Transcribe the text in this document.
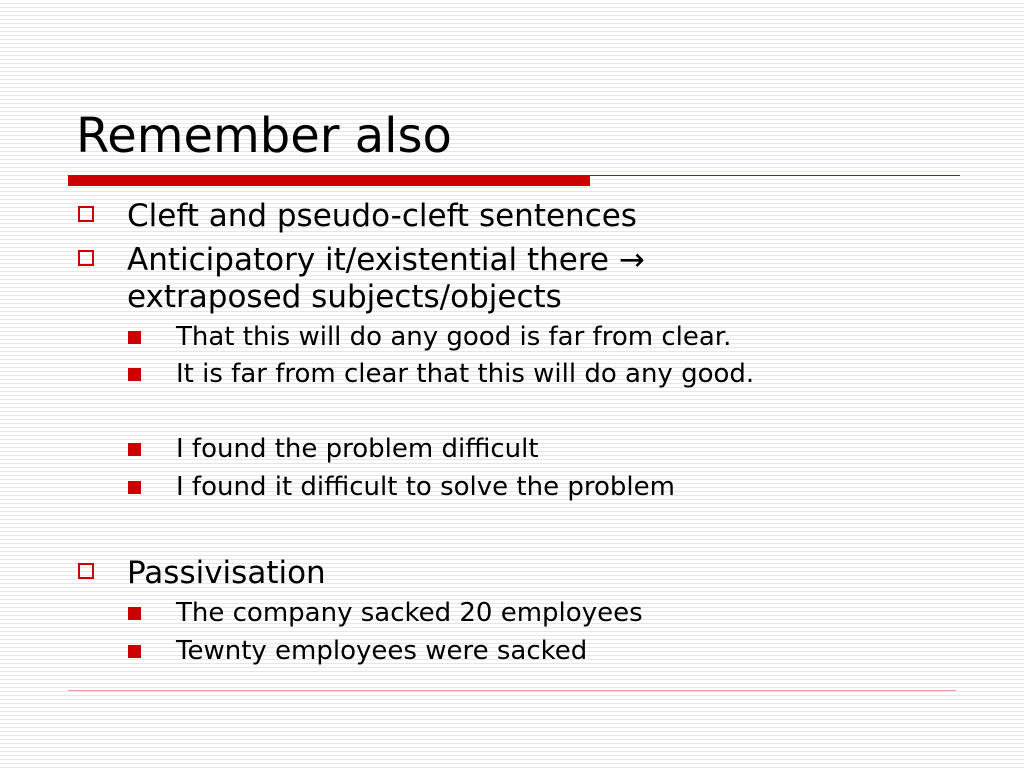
Remember also
Cleft and pseudo-cleft sentences
Anticipatory it/existential there →
extraposed subjects/objects
That this will do any good is far from clear.
It is far from clear that this will do any good.
I found the problem difficult
I found it difficult to solve the problem
Passivisation
The company sacked 20 employees
Tewnty employees were sacked
